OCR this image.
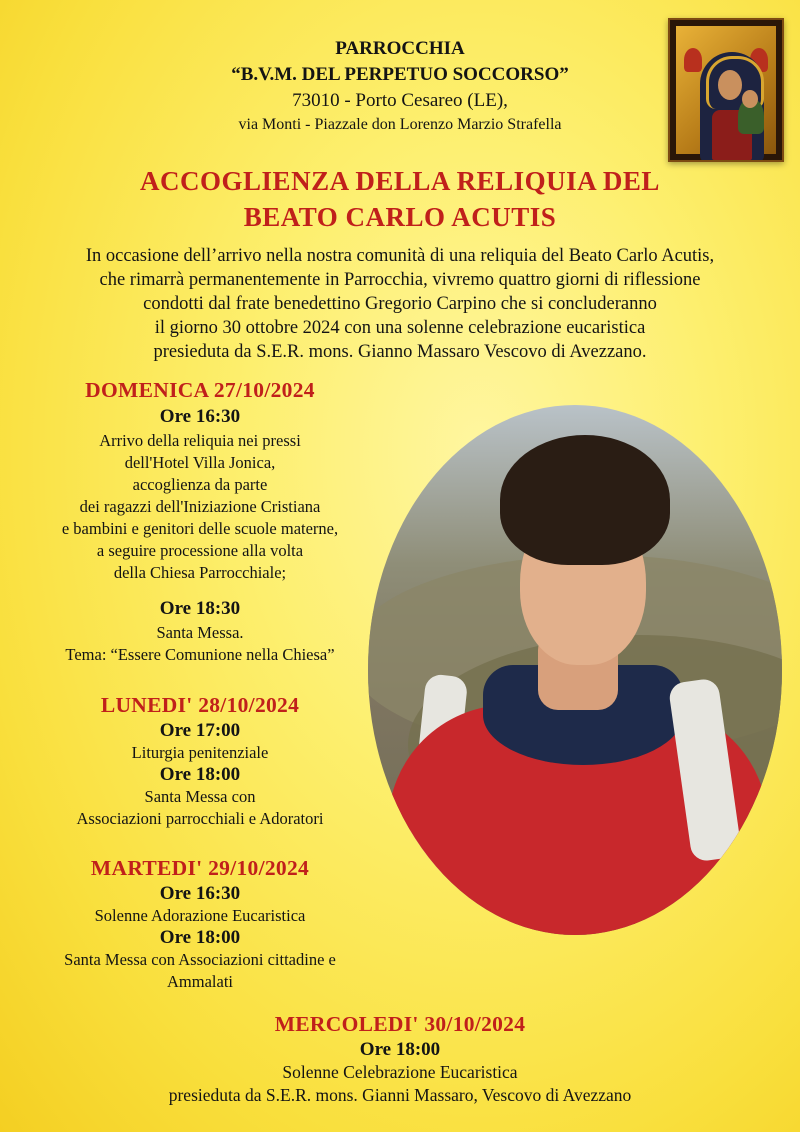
PARROCCHIA
“B.V.M. DEL PERPETUO SOCCORSO”
73010 - Porto Cesareo (LE),
via Monti - Piazzale don Lorenzo Marzio Strafella
ACCOGLIENZA DELLA RELIQUIA DEL
BEATO CARLO ACUTIS
In occasione dell’arrivo nella nostra comunità di una reliquia del Beato Carlo Acutis,
che rimarrà permanentemente in Parrocchia, vivremo quattro giorni di riflessione
condotti dal frate benedettino Gregorio Carpino che si concluderanno
il giorno 30 ottobre 2024 con una solenne celebrazione eucaristica
presieduta da S.E.R. mons. Gianno Massaro Vescovo di Avezzano.
DOMENICA 27/10/2024
Ore 16:30
Arrivo della reliquia nei pressi
dell'Hotel Villa Jonica,
accoglienza da parte
dei ragazzi dell'Iniziazione Cristiana
e bambini e genitori delle scuole materne,
a seguire processione alla volta
della Chiesa Parrocchiale;
Ore 18:30
Santa Messa.
Tema: “Essere Comunione nella Chiesa”
LUNEDI' 28/10/2024
Ore 17:00
Liturgia penitenziale
Ore 18:00
Santa Messa con
Associazioni parrocchiali e Adoratori
MARTEDI' 29/10/2024
Ore 16:30
Solenne Adorazione Eucaristica
Ore 18:00
Santa Messa con Associazioni cittadine e
Ammalati
MERCOLEDI' 30/10/2024
Ore 18:00
Solenne Celebrazione Eucaristica
presieduta da S.E.R. mons. Gianni Massaro, Vescovo di Avezzano
